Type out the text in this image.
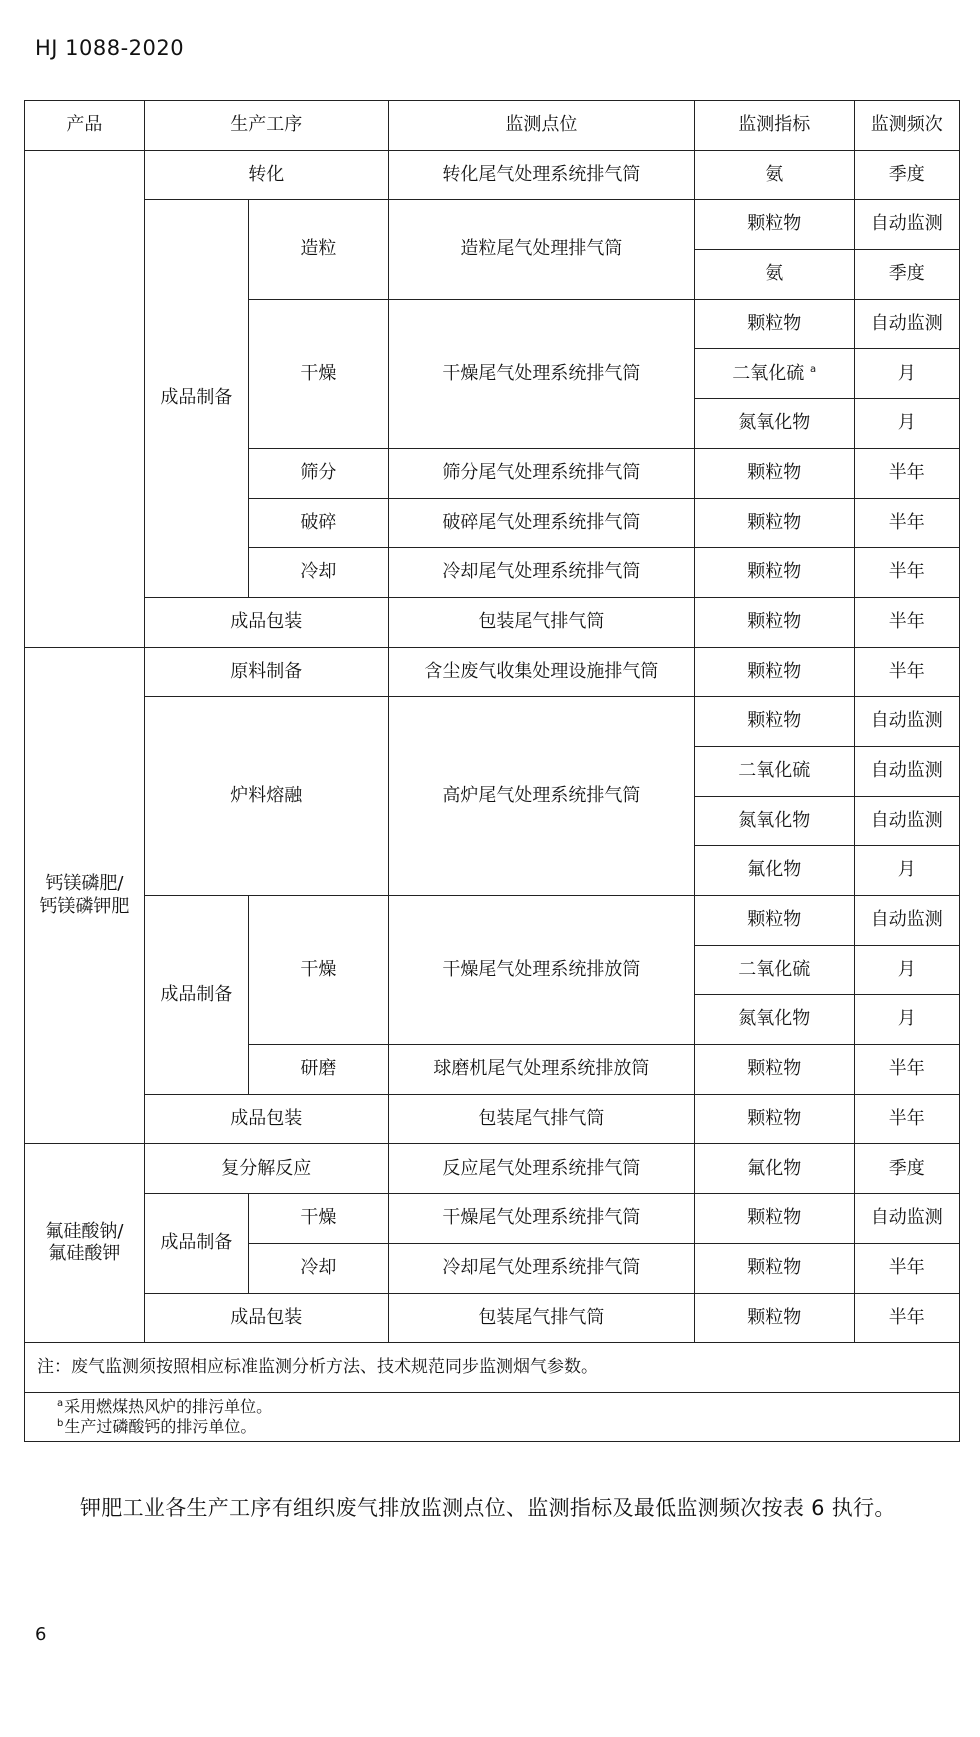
HJ 1088-2020
产品	生产工序		监测点位	监测指标	监测频次
	转化		转化尾气处理系统排气筒	氨	季度
	成品制备	造粒	造粒尾气处理排气筒	颗粒物	自动监测
				氨	季度
		干燥	干燥尾气处理系统排气筒	颗粒物	自动监测
				二氧化硫 $^a$	月
				氮氧化物	月
		筛分	筛分尾气处理系统排气筒	颗粒物	半年
		破碎	破碎尾气处理系统排气筒	颗粒物	半年
		冷却	冷却尾气处理系统排气筒	颗粒物	半年
	成品包装		包装尾气排气筒	颗粒物	半年
钙镁磷肥/
钙镁磷钾肥	原料制备		含尘废气收集处理设施排气筒	颗粒物	半年
	炉料熔融		高炉尾气处理系统排气筒	颗粒物	自动监测
				二氧化硫	自动监测
				氮氧化物	自动监测
				氟化物	月
	成品制备	干燥	干燥尾气处理系统排放筒	颗粒物	自动监测
				二氧化硫	月
				氮氧化物	月
		研磨	球磨机尾气处理系统排放筒	颗粒物	半年
	成品包装		包装尾气排气筒	颗粒物	半年
氟硅酸钠/
氟硅酸钾	复分解反应		反应尾气处理系统排气筒	氟化物	季度
	成品制备	干燥	干燥尾气处理系统排气筒	颗粒物	自动监测
		冷却	冷却尾气处理系统排气筒	颗粒物	半年
	成品包装		包装尾气排气筒	颗粒物	半年
注：废气监测须按照相应标准监测分析方法、技术规范同步监测烟气参数。					

$^a$采用燃煤热风炉的排污单位。
$^b$生产过磷酸钙的排污单位。					
钾肥工业各生产工序有组织废气排放监测点位、监测指标及最低监测频次按表 6 执行。
6
